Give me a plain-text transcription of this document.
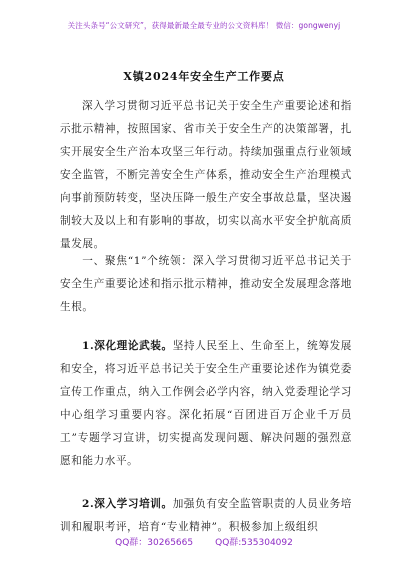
关注头条号“公文研究”，获得最新最全最专业的公文资料库！ 微信：gongwenyj
X镇2024年安全生产工作要点
深入学习贯彻习近平总书记关于安全生产重要论述和指示批示精神，按照国家、省市关于安全生产的决策部署，扎实开展安全生产治本攻坚三年行动。持续加强重点行业领域安全监管，不断完善安全生产体系，推动安全生产治理模式向事前预防转变，坚决压降一般生产安全事故总量，坚决遏制较大及以上和有影响的事故，切实以高水平安全护航高质量发展。
一、聚焦“1”个统领：深入学习贯彻习近平总书记关于安全生产重要论述和指示批示精神，推动安全发展理念落地生根。
1.深化理论武装。坚持人民至上、生命至上，统筹发展和安全，将习近平总书记关于安全生产重要论述作为镇党委宣传工作重点，纳入工作例会必学内容，纳入党委理论学习中心组学习重要内容。深化拓展“百团进百万企业千万员工”专题学习宣讲，切实提高发现问题、解决问题的强烈意愿和能力水平。
2.深入学习培训。加强负有安全监管职责的人员业务培训和履职考评，培育“专业精神”。积极参加上级组织
QQ群：30265665 QQ群:535304092
